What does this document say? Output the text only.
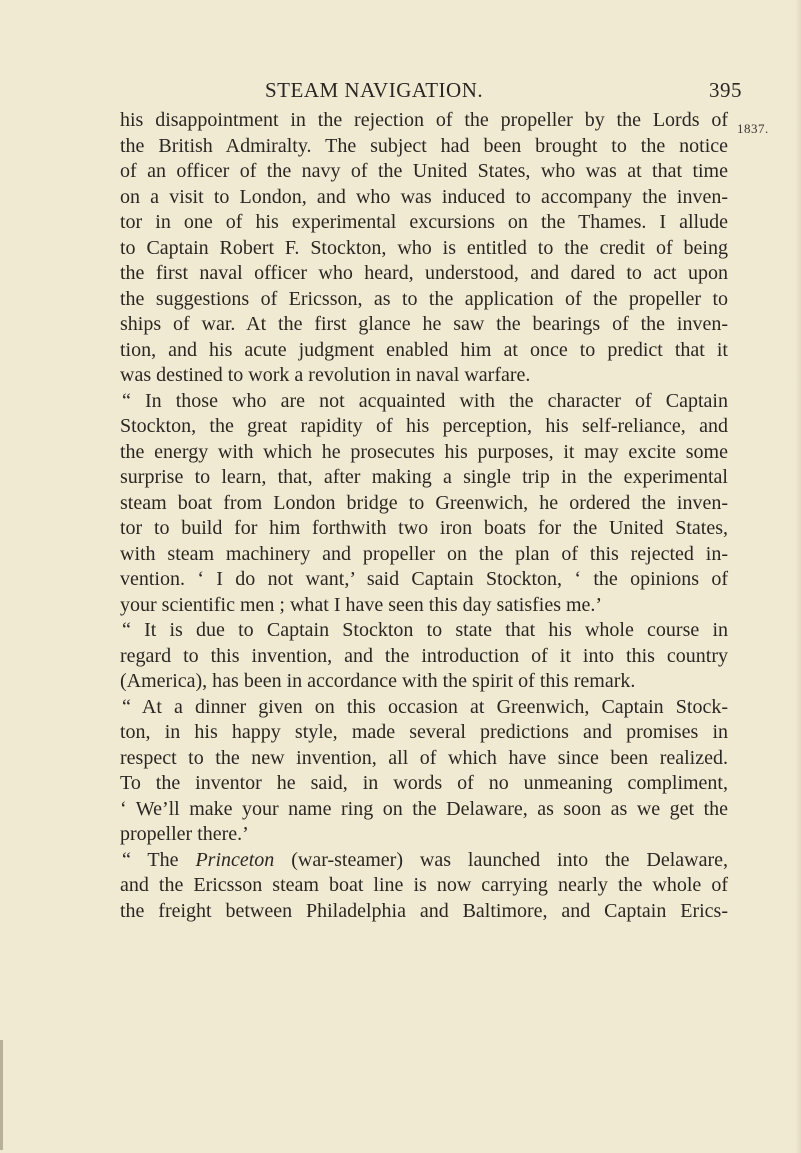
STEAM NAVIGATION.	395
1837.
his disappointment in the rejection of the propeller by the Lords of
the British Admiralty. The subject had been brought to the notice
of an officer of the navy of the United States, who was at that time
on a visit to London, and who was induced to accompany the inven-
tor in one of his experimental excursions on the Thames. I allude
to Captain Robert F. Stockton, who is entitled to the credit of being
the first naval officer who heard, understood, and dared to act upon
the suggestions of Ericsson, as to the application of the propeller to
ships of war. At the first glance he saw the bearings of the inven-
tion, and his acute judgment enabled him at once to predict that it
was destined to work a revolution in naval warfare.
“ In those who are not acquainted with the character of Captain
Stockton, the great rapidity of his perception, his self-reliance, and
the energy with which he prosecutes his purposes, it may excite some
surprise to learn, that, after making a single trip in the experimental
steam boat from London bridge to Greenwich, he ordered the inven-
tor to build for him forthwith two iron boats for the United States,
with steam machinery and propeller on the plan of this rejected in-
vention. ‘ I do not want,’ said Captain Stockton, ‘ the opinions of
your scientific men ; what I have seen this day satisfies me.’
“ It is due to Captain Stockton to state that his whole course in
regard to this invention, and the introduction of it into this country
(America), has been in accordance with the spirit of this remark.
“ At a dinner given on this occasion at Greenwich, Captain Stock-
ton, in his happy style, made several predictions and promises in
respect to the new invention, all of which have since been realized.
To the inventor he said, in words of no unmeaning compliment,
‘ We’ll make your name ring on the Delaware, as soon as we get the
propeller there.’
“ The Princeton (war-steamer) was launched into the Delaware,
and the Ericsson steam boat line is now carrying nearly the whole of
the freight between Philadelphia and Baltimore, and Captain Erics-
